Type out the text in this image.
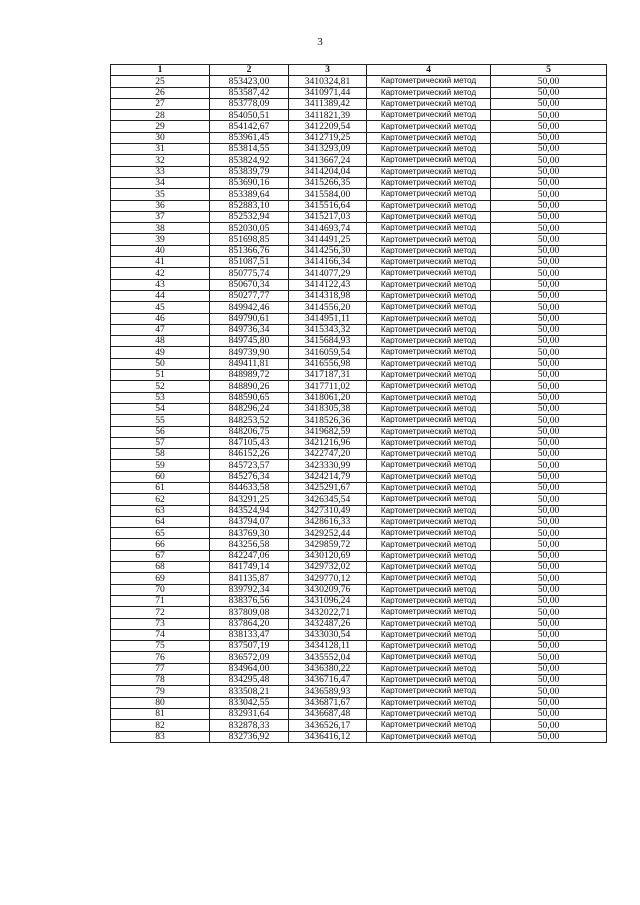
3
1	2	3	4	5
25	853423,00	3410324,81	Картометрический метод	50,00
26	853587,42	3410971,44	Картометрический метод	50,00
27	853778,09	3411389,42	Картометрический метод	50,00
28	854050,51	3411821,39	Картометрический метод	50,00
29	854142,67	3412209,54	Картометрический метод	50,00
30	853961,45	3412719,25	Картометрический метод	50,00
31	853814,55	3413293,09	Картометрический метод	50,00
32	853824,92	3413667,24	Картометрический метод	50,00
33	853839,79	3414204,04	Картометрический метод	50,00
34	853690,16	3415266,35	Картометрический метод	50,00
35	853389,64	3415584,00	Картометрический метод	50,00
36	852883,10	3415516,64	Картометрический метод	50,00
37	852532,94	3415217,03	Картометрический метод	50,00
38	852030,05	3414693,74	Картометрический метод	50,00
39	851698,85	3414491,25	Картометрический метод	50,00
40	851366,76	3414256,30	Картометрический метод	50,00
41	851087,51	3414166,34	Картометрический метод	50,00
42	850775,74	3414077,29	Картометрический метод	50,00
43	850670,34	3414122,43	Картометрический метод	50,00
44	850277,77	3414318,98	Картометрический метод	50,00
45	849942,46	3414556,20	Картометрический метод	50,00
46	849790,61	3414951,11	Картометрический метод	50,00
47	849736,34	3415343,32	Картометрический метод	50,00
48	849745,80	3415684,93	Картометрический метод	50,00
49	849739,90	3416059,54	Картометрический метод	50,00
50	849411,81	3416556,98	Картометрический метод	50,00
51	848989,72	3417187,31	Картометрический метод	50,00
52	848890,26	3417711,02	Картометрический метод	50,00
53	848590,65	3418061,20	Картометрический метод	50,00
54	848296,24	3418305,38	Картометрический метод	50,00
55	848253,52	3418526,36	Картометрический метод	50,00
56	848206,75	3419682,59	Картометрический метод	50,00
57	847105,43	3421216,96	Картометрический метод	50,00
58	846152,26	3422747,20	Картометрический метод	50,00
59	845723,57	3423330,99	Картометрический метод	50,00
60	845276,34	3424214,79	Картометрический метод	50,00
61	844633,58	3425291,67	Картометрический метод	50,00
62	843291,25	3426345,54	Картометрический метод	50,00
63	843524,94	3427310,49	Картометрический метод	50,00
64	843794,07	3428616,33	Картометрический метод	50,00
65	843769,30	3429252,44	Картометрический метод	50,00
66	843256,58	3429859,72	Картометрический метод	50,00
67	842247,06	3430120,69	Картометрический метод	50,00
68	841749,14	3429732,02	Картометрический метод	50,00
69	841135,87	3429770,12	Картометрический метод	50,00
70	839792,34	3430209,76	Картометрический метод	50,00
71	838376,56	3431096,24	Картометрический метод	50,00
72	837809,08	3432022,71	Картометрический метод	50,00
73	837864,20	3432487,26	Картометрический метод	50,00
74	838133,47	3433030,54	Картометрический метод	50,00
75	837507,19	3434128,11	Картометрический метод	50,00
76	836572,09	3435552,04	Картометрический метод	50,00
77	834964,00	3436380,22	Картометрический метод	50,00
78	834295,48	3436716,47	Картометрический метод	50,00
79	833508,21	3436589,93	Картометрический метод	50,00
80	833042,55	3436871,67	Картометрический метод	50,00
81	832931,64	3436687,48	Картометрический метод	50,00
82	832878,33	3436526,17	Картометрический метод	50,00
83	832736,92	3436416,12	Картометрический метод	50,00
